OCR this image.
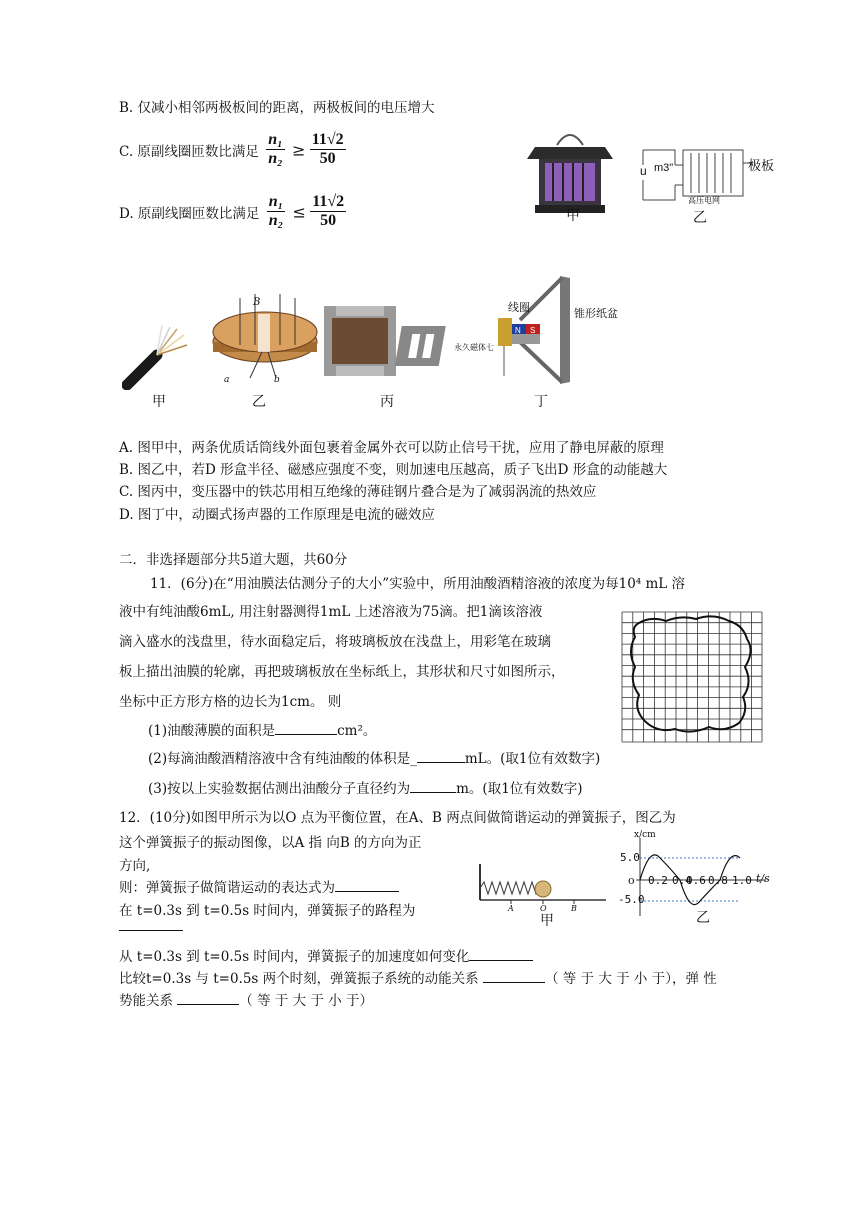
B. 仅减小相邻两极板间的距离，两极板间的电压增大
C. 原副线圈匝数比满足 $\frac{\text{n₁}}{\text{n₂}} \ge \frac{11√2}{50}$
D. 原副线圈匝数比满足 $\frac{\text{n₁}}{\text{n₂}} \le \frac{11√2}{50}$	甲
u m3"	极板
高压电网
乙
甲
B
a	b
乙	丙
线圈	锥形纸盆
永久磁体七
N S
丁
A. 图甲中，两条优质话筒线外面包裹着金属外衣可以防止信号干扰，应用了静电屏蔽的原理
B. 图乙中，若D 形盒半径、磁感应强度不变，则加速电压越高，质子飞出D 形盒的动能越大
C. 图丙中，变压器中的铁芯用相互绝缘的薄硅钢片叠合是为了减弱涡流的热效应
D. 图丁中，动圈式扬声器的工作原理是电流的磁效应
二．非选择题部分共5道大题，共60分
11．(6分)在“用油膜法估测分子的大小”实验中，所用油酸酒精溶液的浓度为每10⁴ mL 溶
液中有纯油酸6mL, 用注射器测得1mL 上述溶液为75滴。把1滴该溶液
滴入盛水的浅盘里，待水面稳定后，将玻璃板放在浅盘上，用彩笔在玻璃
板上描出油膜的轮廓，再把玻璃板放在坐标纸上，其形状和尺寸如图所示，
坐标中正方形方格的边长为1cm。 则
(1)油酸薄膜的面积是	cm²。
(2)每滴油酸酒精溶液中含有纯油酸的体积是_	mL。(取1位有效数字)
(3)按以上实验数据估测出油酸分子直径约为	m。(取1位有效数字)
12．(10分)如图甲所示为以O 点为平衡位置，在A、B 两点间做简谐运动的弹簧振子，图乙为
这个弹簧振子的振动图像，以A 指 向B 的方向为正
方向,
则：弹簧振子做简谐运动的表达式为
在 t=0.3s 到 t=0.5s 时间内，弹簧振子的路程为
从 t=0.3s 到 t=0.5s 时间内，弹簧振子的加速度如何变化
比较t=0.3s 与 t=0.5s 两个时刻，弹簧振子系统的动能关系	（ 等 于 大 于 小 于），弹 性
势能关系	（ 等 于 大 于 小 于）
A	O	B
甲
x/cm
5.0
-5.0
o 0.2 0.4
0.6 0.8 1.0 t/s
乙
